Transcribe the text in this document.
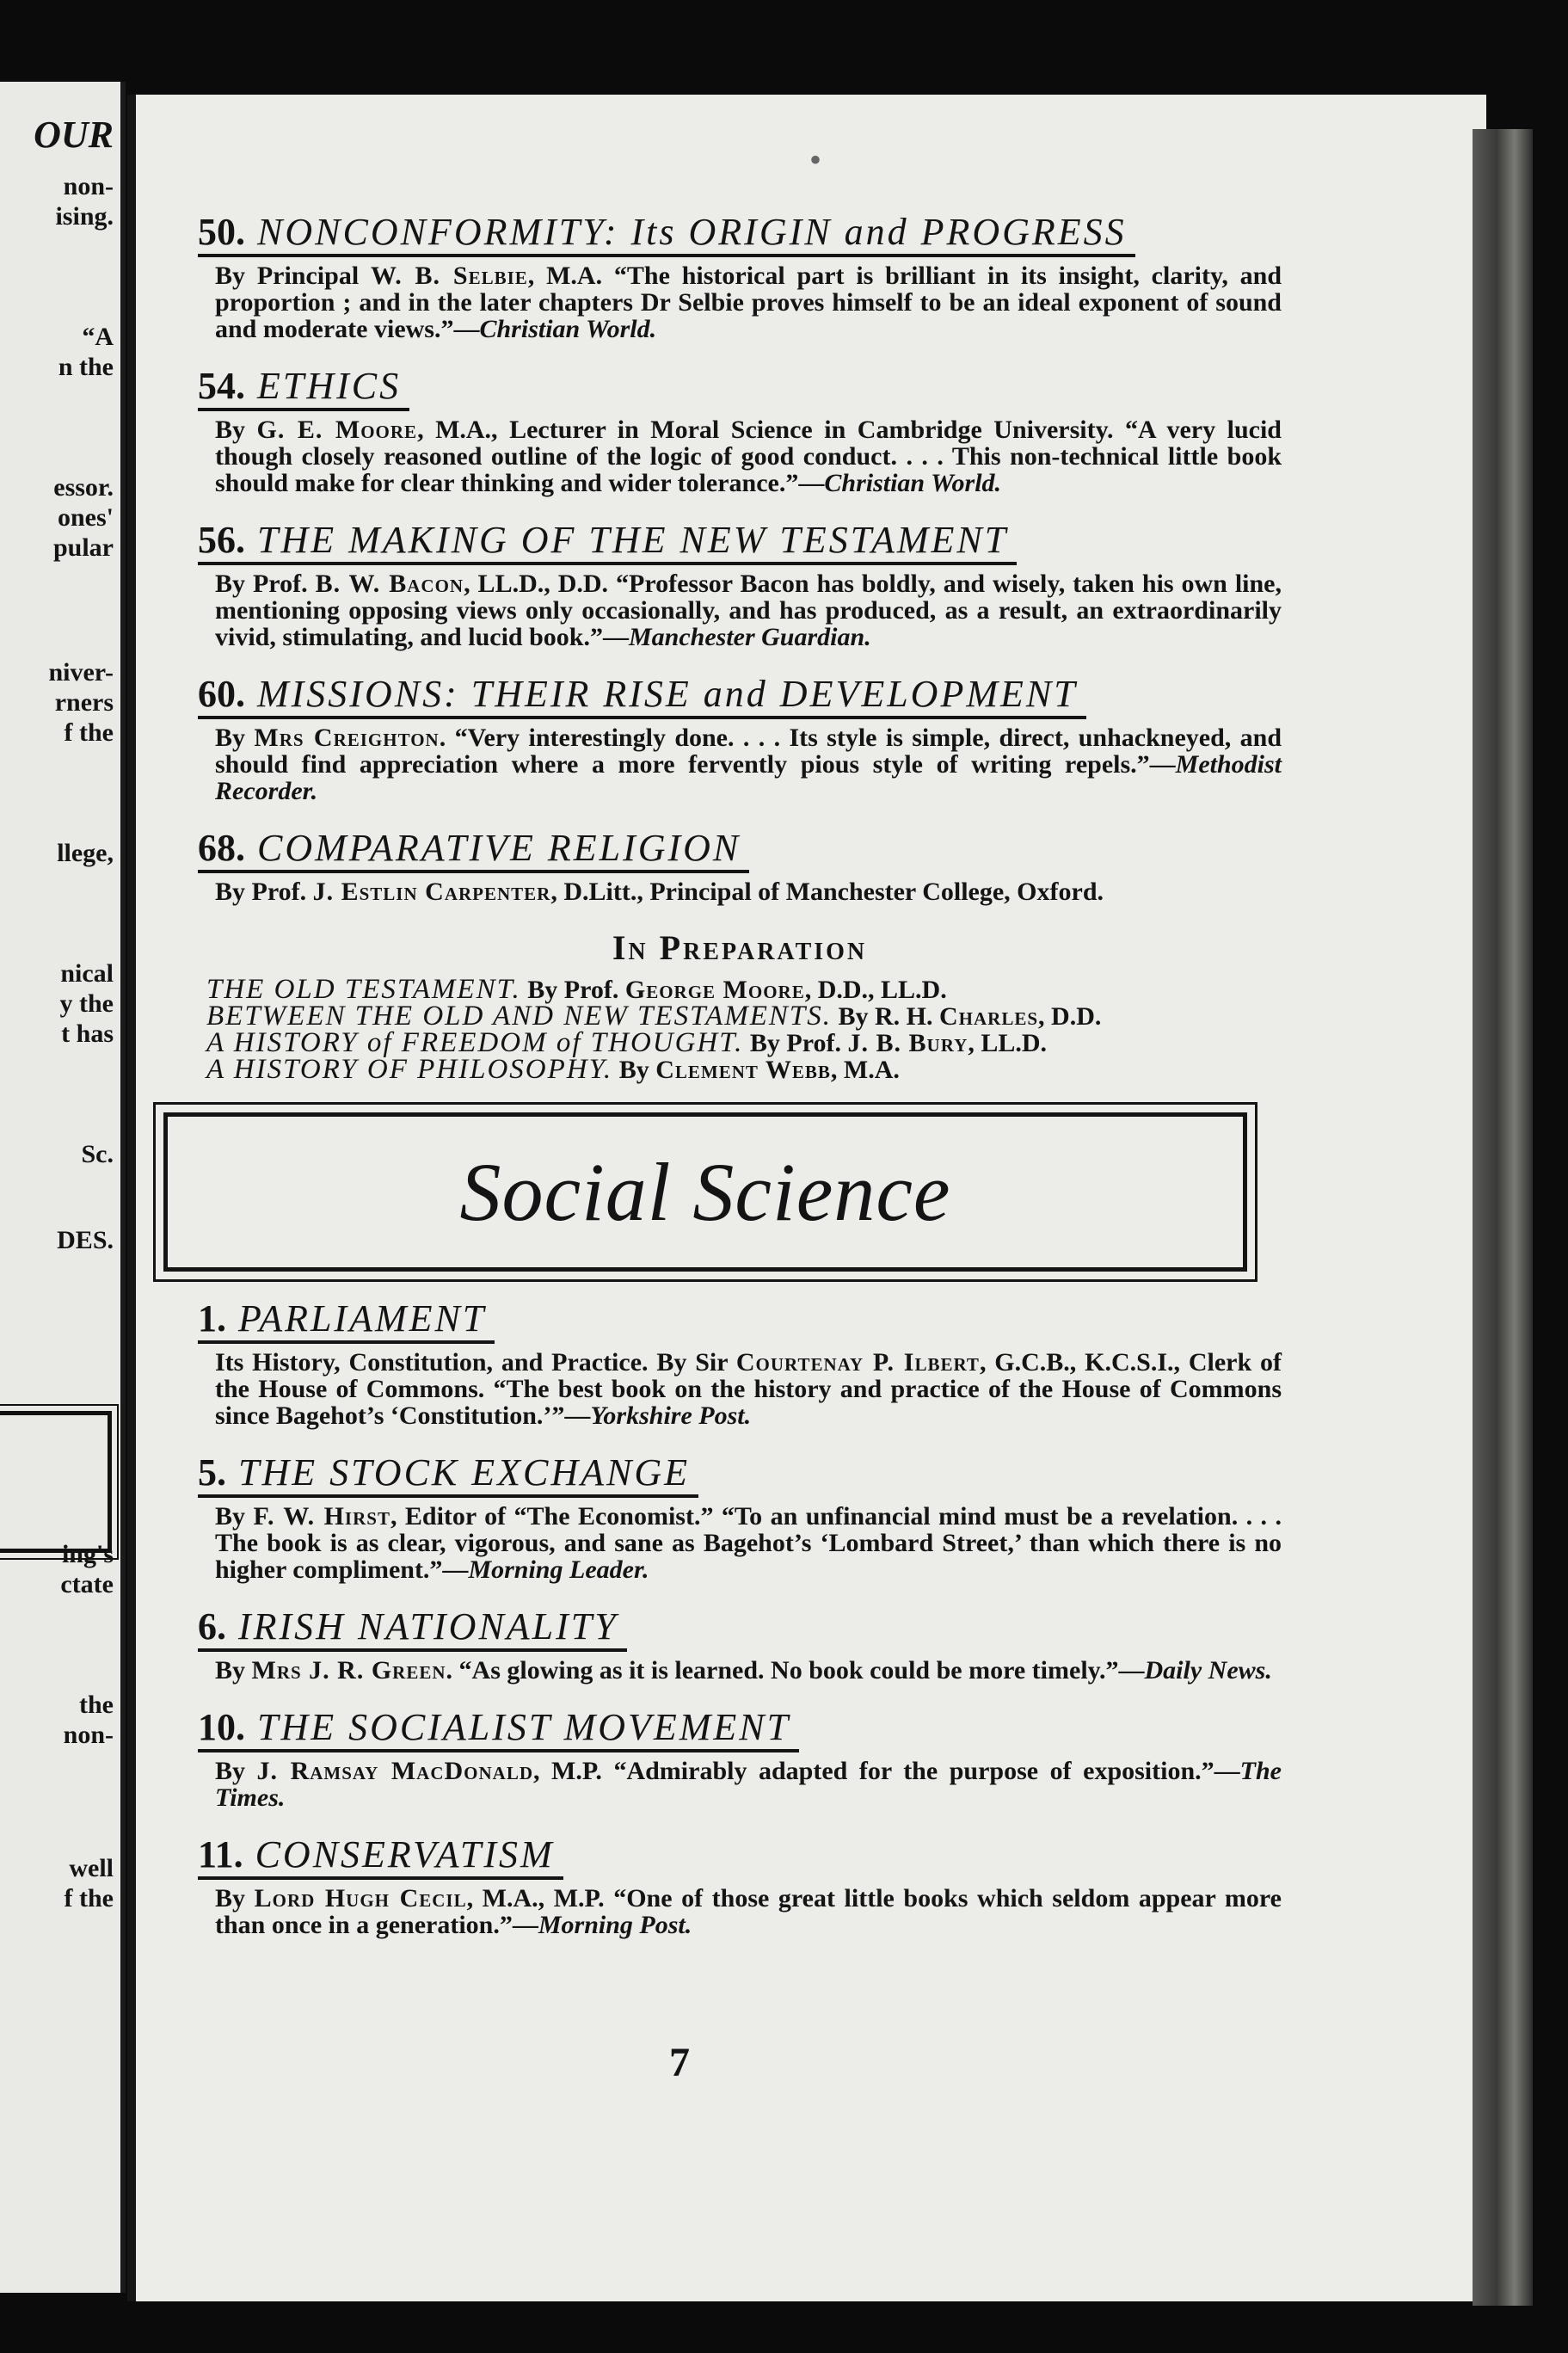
OUR
non-
ising.
“A
n the
essor.
ones'
pular
niver-
rners
f the
llege,
nical
y the
t has
Sc.
DES.
ing's
ctate
the
non-
well
f the
•
50. NONCONFORMITY: Its ORIGIN and PROGRESS
By Principal W. B. Selbie, M.A. “The historical part is brilliant in its insight, clarity, and proportion ; and in the later chapters Dr Selbie proves himself to be an ideal exponent of sound and moderate views.”—Christian World.
54. ETHICS
By G. E. Moore, M.A., Lecturer in Moral Science in Cambridge University. “A very lucid though closely reasoned outline of the logic of good conduct. . . . This non-technical little book should make for clear thinking and wider tolerance.”—Christian World.
56. THE MAKING OF THE NEW TESTAMENT
By Prof. B. W. Bacon, LL.D., D.D. “Professor Bacon has boldly, and wisely, taken his own line, mentioning opposing views only occasionally, and has produced, as a result, an extraordinarily vivid, stimulating, and lucid book.”—Manchester Guardian.
60. MISSIONS: THEIR RISE and DEVELOPMENT
By Mrs Creighton. “Very interestingly done. . . . Its style is simple, direct, unhackneyed, and should find appreciation where a more fervently pious style of writing repels.”—Methodist Recorder.
68. COMPARATIVE RELIGION
By Prof. J. Estlin Carpenter, D.Litt., Principal of Manchester College, Oxford.
In Preparation
THE OLD TESTAMENT. By Prof. George Moore, D.D., LL.D.
BETWEEN THE OLD AND NEW TESTAMENTS. By R. H. Charles, D.D.
A HISTORY of FREEDOM of THOUGHT. By Prof. J. B. Bury, LL.D.
A HISTORY OF PHILOSOPHY. By Clement Webb, M.A.
Social Science
1. PARLIAMENT
Its History, Constitution, and Practice. By Sir Courtenay P. Ilbert, G.C.B., K.C.S.I., Clerk of the House of Commons. “The best book on the history and practice of the House of Commons since Bagehot’s ‘Constitution.’”—Yorkshire Post.
5. THE STOCK EXCHANGE
By F. W. Hirst, Editor of “The Economist.” “To an unfinancial mind must be a revelation. . . . The book is as clear, vigorous, and sane as Bagehot’s ‘Lombard Street,’ than which there is no higher compliment.”—Morning Leader.
6. IRISH NATIONALITY
By Mrs J. R. Green. “As glowing as it is learned. No book could be more timely.”—Daily News.
10. THE SOCIALIST MOVEMENT
By J. Ramsay MacDonald, M.P. “Admirably adapted for the purpose of exposition.”—The Times.
11. CONSERVATISM
By Lord Hugh Cecil, M.A., M.P. “One of those great little books which seldom appear more than once in a generation.”—Morning Post.
7
